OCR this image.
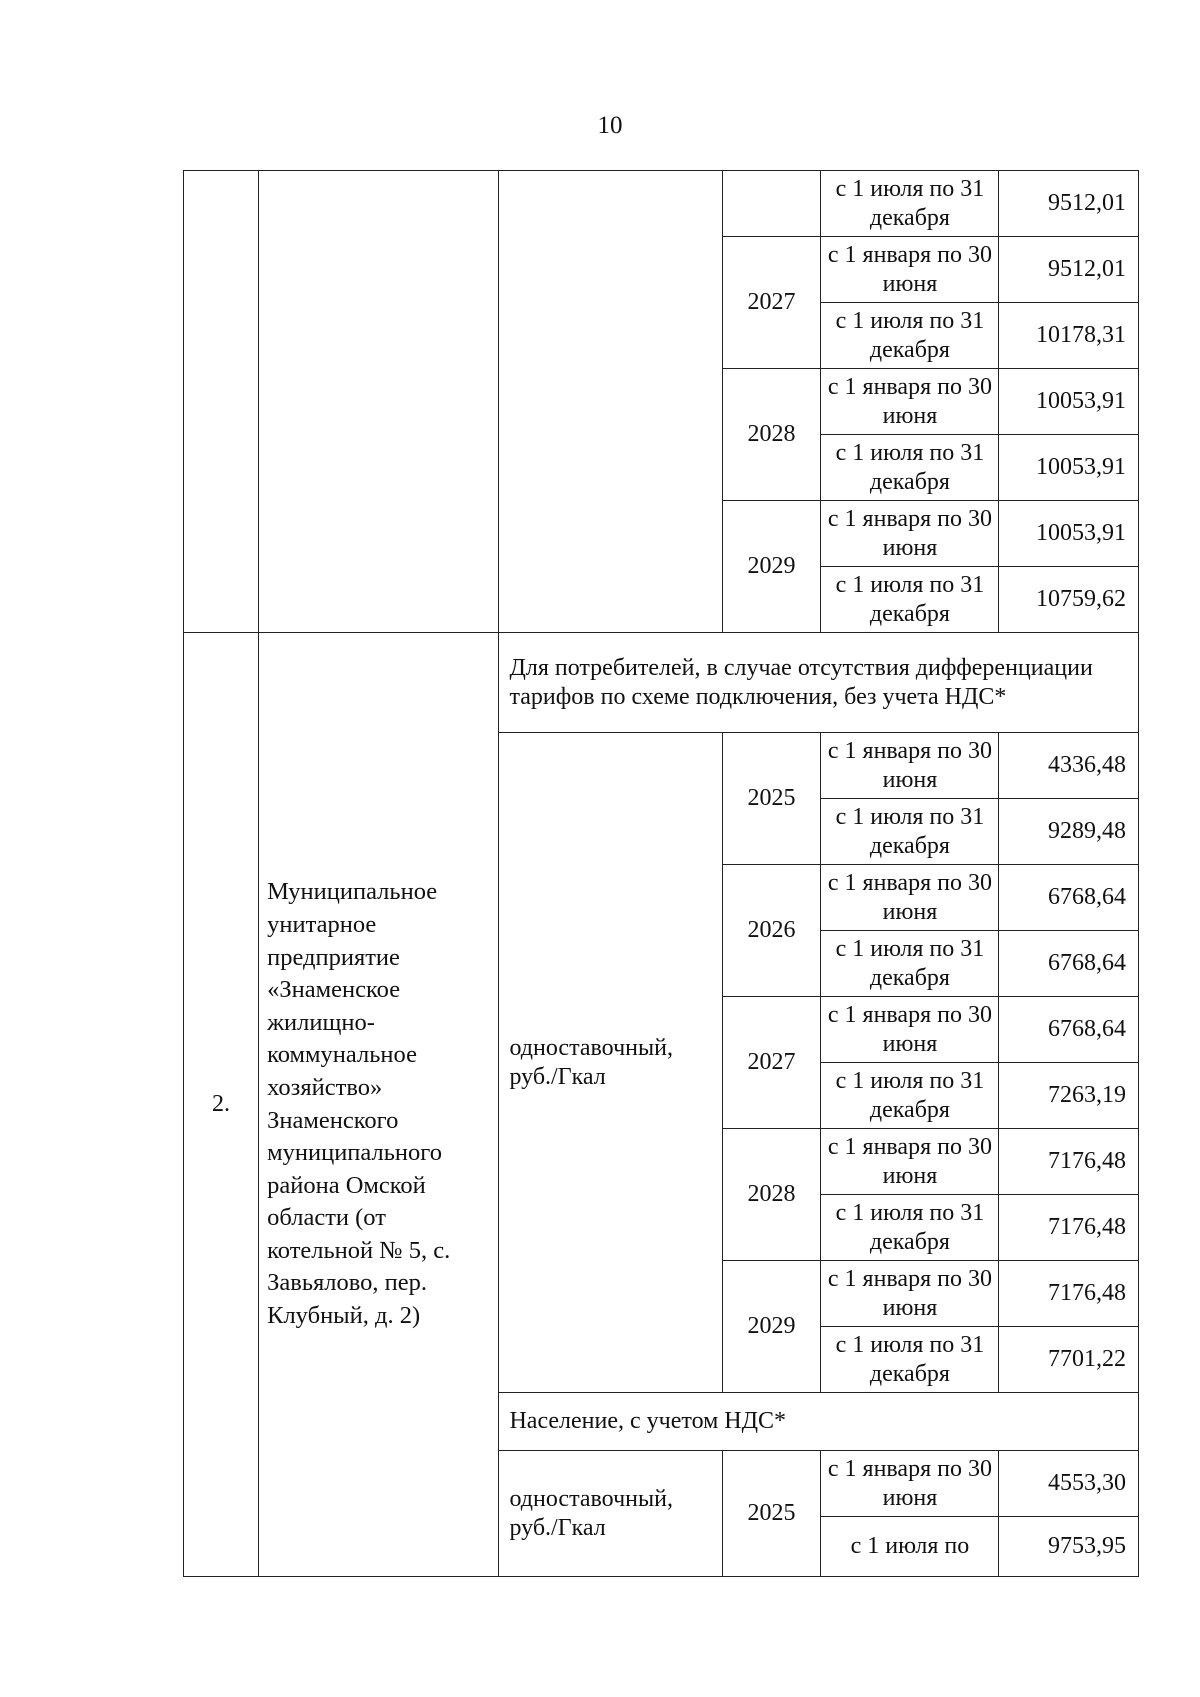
10
				с 1 июля по 31 декабря	9512,01
			2027	с 1 января по 30 июня	9512,01
				с 1 июля по 31 декабря	10178,31
			2028	с 1 января по 30 июня	10053,91
				с 1 июля по 31 декабря	10053,91
			2029	с 1 января по 30 июня	10053,91
				с 1 июля по 31 декабря	10759,62
2.	Муниципальное унитарное предприятие «Знаменское жилищно-коммунальное хозяйство» Знаменского муниципального района Омской области (от котельной № 5, с. Завьялово, пер. Клубный, д. 2)	Для потребителей, в случае отсутствия дифференциации тарифов по схеме подключения, без учета НДС*			
		одноставочный, руб./Гкал	2025	с 1 января по 30 июня	4336,48
				с 1 июля по 31 декабря	9289,48
			2026	с 1 января по 30 июня	6768,64
				с 1 июля по 31 декабря	6768,64
			2027	с 1 января по 30 июня	6768,64
				с 1 июля по 31 декабря	7263,19
			2028	с 1 января по 30 июня	7176,48
				с 1 июля по 31 декабря	7176,48
			2029	с 1 января по 30 июня	7176,48
				с 1 июля по 31 декабря	7701,22
		Население, с учетом НДС*			
		одноставочный, руб./Гкал	2025	с 1 января по 30 июня	4553,30
				с 1 июля по	9753,95
